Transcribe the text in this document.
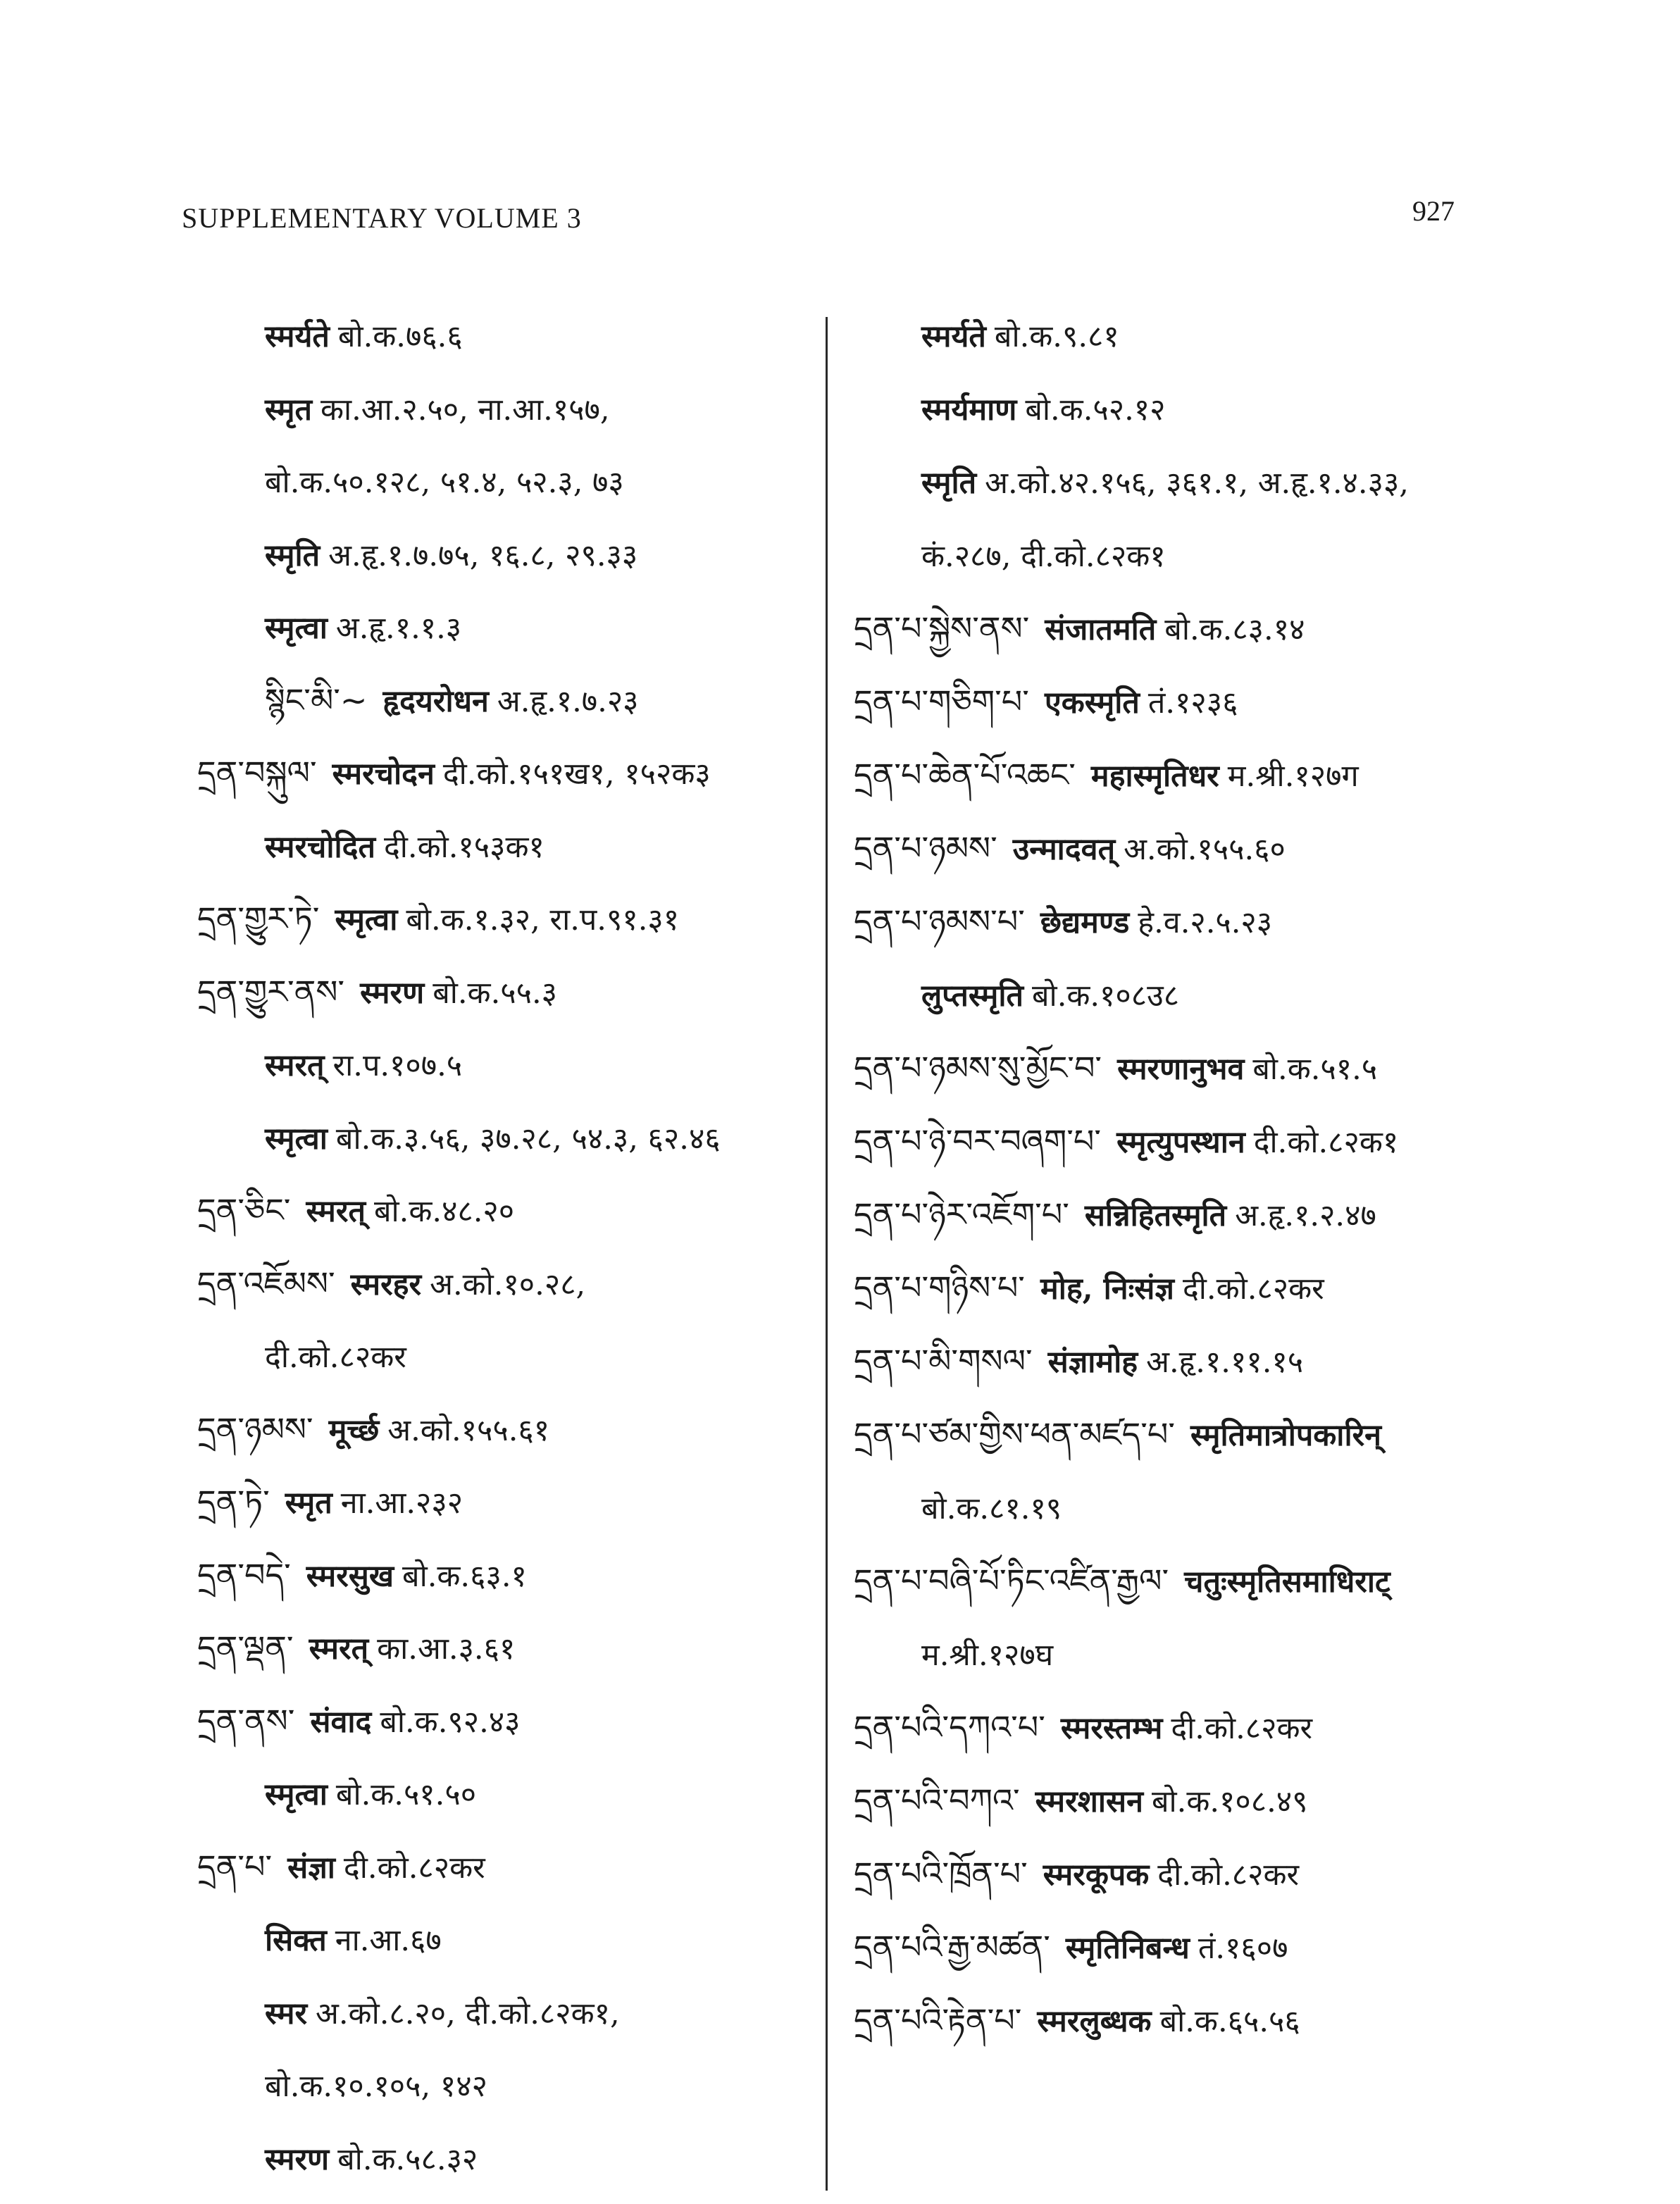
SUPPLEMENTARY VOLUME 3	927
स्मर्यते बो.क.७६.६
स्मृत का.आ.२.५०, ना.आ.१५७,
बो.क.५०.१२८, ५१.४, ५२.३, ७३
स्मृति अ.हृ.१.७.७५, १६.८, २९.३३
स्मृत्वा अ.हृ.१.१.३
སྙིང་མི་~ हृदयरोधन अ.हृ.१.७.२३
དྲན་བསྐུལ་ स्मरचोदन दी.को.१५१ख१, १५२क३
स्मरचोदित दी.को.१५३क१
དྲན་གྱུར་ཏེ་ स्मृत्वा बो.क.१.३२, रा.प.९१.३१
དྲན་གྱུར་ནས་ स्मरण बो.क.५५.३
स्मरत् रा.प.१०७.५
स्मृत्वा बो.क.३.५६, ३७.२८, ५४.३, ६२.४६
དྲན་ཅིང་ स्मरत् बो.क.४८.२०
དྲན་འཇོམས་ स्मरहर अ.को.१०.२८,
दी.को.८२कर
དྲན་ཉམས་ मूर्च्छ अ.को.१५५.६१
དྲན་ཏེ་ स्मृत ना.आ.२३२
དྲན་བདེ་ स्मरसुख बो.क.६३.१
དྲན་ལྡན་ स्मरत् का.आ.३.६१
དྲན་ནས་ संवाद बो.क.९२.४३
स्मृत्वा बो.क.५१.५०
དྲན་པ་ संज्ञा दी.को.८२कर
सिक्त ना.आ.६७
स्मर अ.को.८.२०, दी.को.८२क१,
बो.क.१०.१०५, १४२
स्मरण बो.क.५८.३२
स्मर्यते बो.क.९.८१
स्मर्यमाण बो.क.५२.१२
स्मृति अ.को.४२.१५६, ३६१.१, अ.हृ.१.४.३३,
कं.२८७, दी.को.८२क१
དྲན་པ་སྐྱེས་ནས་ संजातमति बो.क.८३.१४
དྲན་པ་གཅིག་པ་ एकस्मृति तं.१२३६
དྲན་པ་ཆེན་པོ་འཆང་ महास्मृतिधर म.श्री.१२७ग
དྲན་པ་ཉམས་ उन्मादवत् अ.को.१५५.६०
དྲན་པ་ཉམས་པ་ छेद्यमण्ड हे.व.२.५.२३
लुप्तस्मृति बो.क.१०८उ८
དྲན་པ་ཉམས་སུ་མྱོང་བ་ स्मरणानुभव बो.क.५१.५
དྲན་པ་ཉེ་བར་བཞག་པ་ स्मृत्युपस्थान दी.को.८२क१
དྲན་པ་ཉེར་འཇོག་པ་ सन्निहितस्मृति अ.हृ.१.२.४७
དྲན་པ་གཉིས་པ་ मोह, निःसंज्ञ दी.को.८२कर
དྲན་པ་མི་གསལ་ संज्ञामोह अ.हृ.१.११.१५
དྲན་པ་ཙམ་གྱིས་ཕན་མཛད་པ་ स्मृतिमात्रोपकारिन्
बो.क.८१.१९
དྲན་པ་བཞི་པོ་ཏིང་འཛིན་རྒྱལ་ चतुःस्मृतिसमाधिराट्
म.श्री.१२७घ
དྲན་པའི་དཀའ་པ་ स्मरस्तम्भ दी.को.८२कर
དྲན་པའི་བཀའ་ स्मरशासन बो.क.१०८.४९
དྲན་པའི་ཁྲོན་པ་ स्मरकूपक दी.को.८२कर
དྲན་པའི་རྒྱ་མཚན་ स्मृतिनिबन्ध तं.१६०७
དྲན་པའི་རྟེན་པ་ स्मरलुब्धक बो.क.६५.५६
